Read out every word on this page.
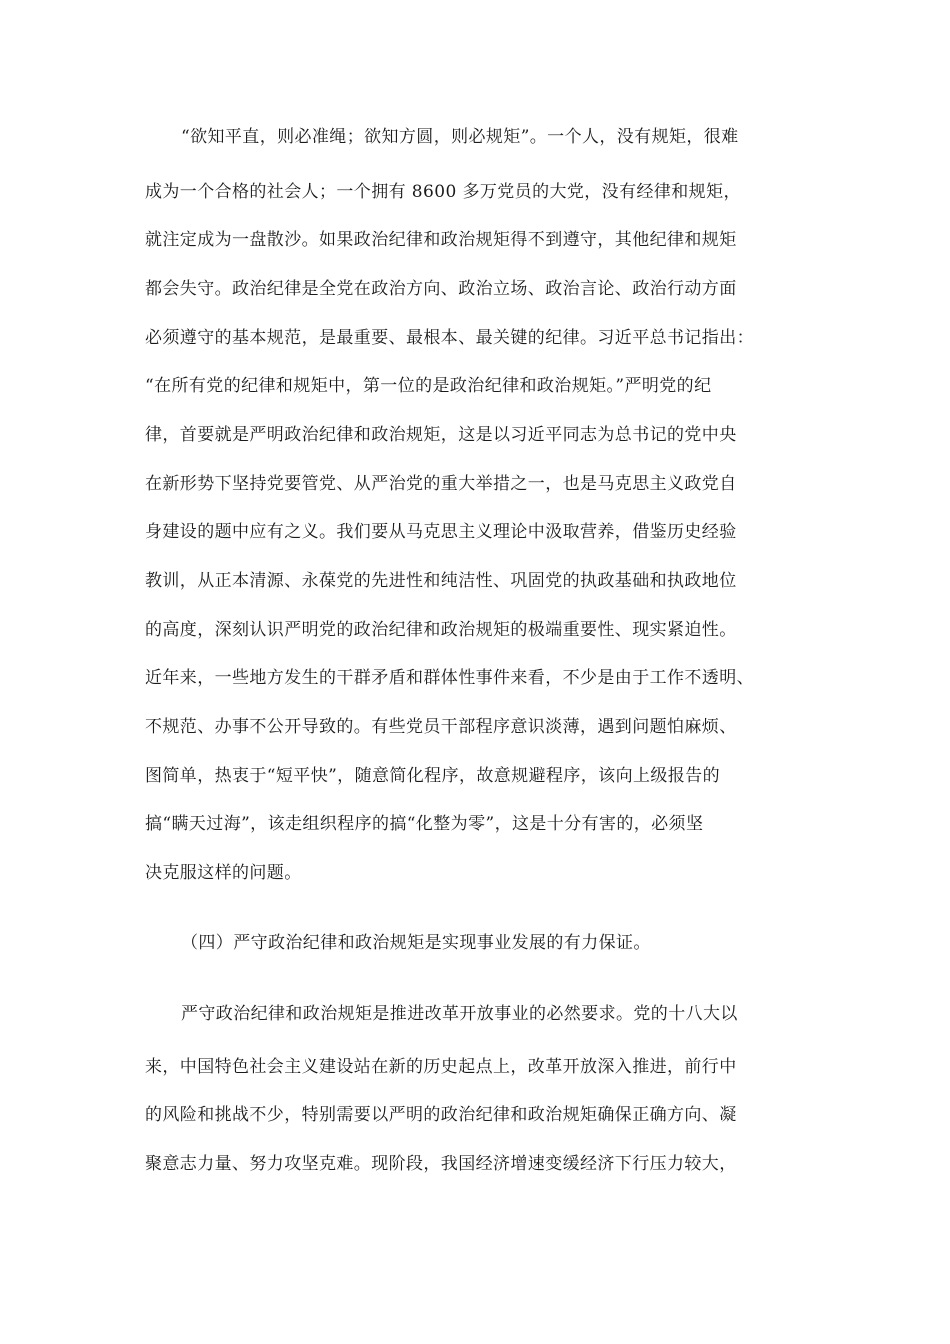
“欲知平直，则必准绳；欲知方圆，则必规矩”。一个人，没有规矩，很难
成为一个合格的社会人；一个拥有 8600 多万党员的大党，没有经律和规矩，
就注定成为一盘散沙。如果政治纪律和政治规矩得不到遵守，其他纪律和规矩
都会失守。政治纪律是全党在政治方向、政治立场、政治言论、政治行动方面
必须遵守的基本规范，是最重要、最根本、最关键的纪律。习近平总书记指出：
“在所有党的纪律和规矩中，第一位的是政治纪律和政治规矩。”严明党的纪
律，首要就是严明政治纪律和政治规矩，这是以习近平同志为总书记的党中央
在新形势下坚持党要管党、从严治党的重大举措之一，也是马克思主义政党自
身建设的题中应有之义。我们要从马克思主义理论中汲取营养，借鉴历史经验
教训，从正本清源、永葆党的先进性和纯洁性、巩固党的执政基础和执政地位
的高度，深刻认识严明党的政治纪律和政治规矩的极端重要性、现实紧迫性。
近年来，一些地方发生的干群矛盾和群体性事件来看，不少是由于工作不透明、
不规范、办事不公开导致的。有些党员干部程序意识淡薄，遇到问题怕麻烦、
图简单，热衷于“短平快”，随意简化程序，故意规避程序，该向上级报告的
搞“瞒天过海”，该走组织程序的搞“化整为零”，这是十分有害的，必须坚
决克服这样的问题。
（四）严守政治纪律和政治规矩是实现事业发展的有力保证。
严守政治纪律和政治规矩是推进改革开放事业的必然要求。党的十八大以
来，中国特色社会主义建设站在新的历史起点上，改革开放深入推进，前行中
的风险和挑战不少，特别需要以严明的政治纪律和政治规矩确保正确方向、凝
聚意志力量、努力攻坚克难。现阶段，我国经济增速变缓经济下行压力较大，
